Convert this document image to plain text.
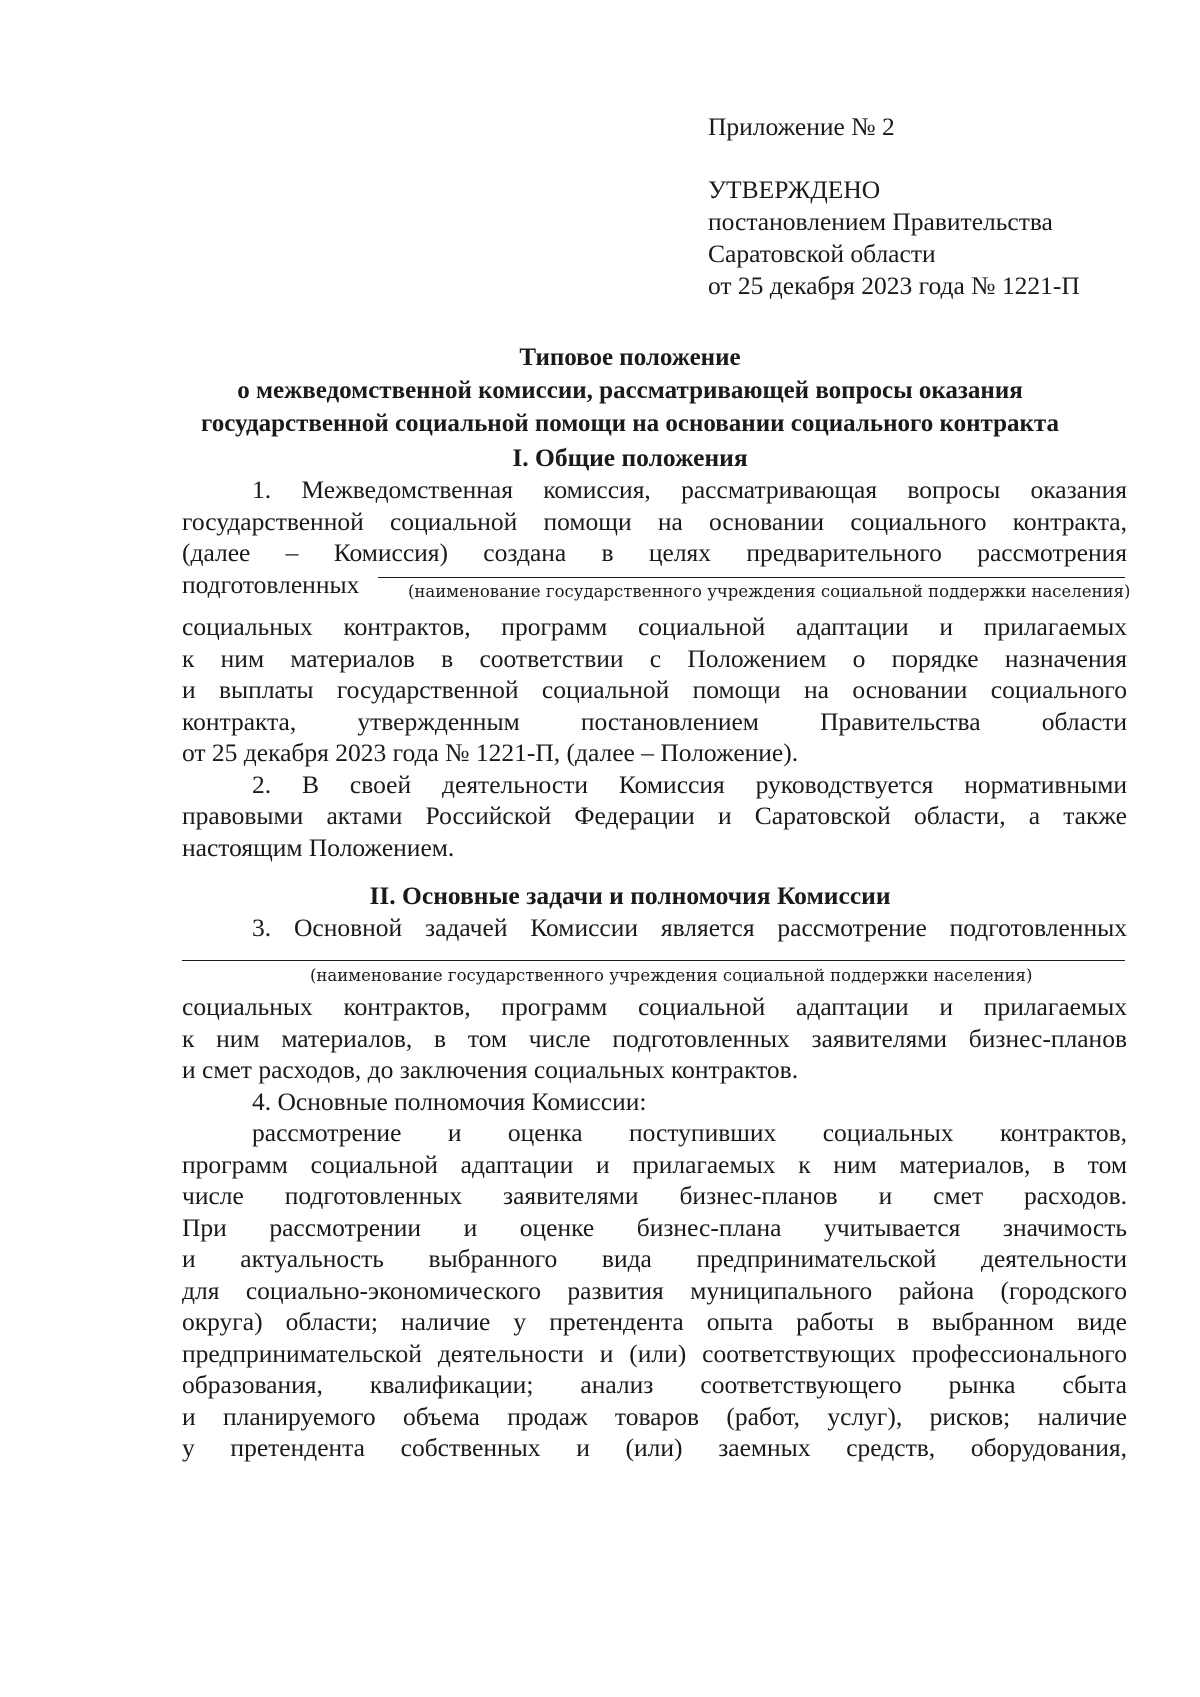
Приложение № 2
УТВЕРЖДЕНО
постановлением Правительства
Саратовской области
от 25 декабря 2023 года № 1221-П
Типовое положение
о межведомственной комиссии, рассматривающей вопросы оказания
государственной социальной помощи на основании социального контракта
I. Общие положения
1. Межведомственная комиссия, рассматривающая вопросы оказания
государственной социальной помощи на основании социального контракта,
(далее – Комиссия) создана в целях предварительного рассмотрения
подготовленных	(наименование государственного учреждения социальной поддержки населения)
социальных контрактов, программ социальной адаптации и прилагаемых
к ним материалов в соответствии с Положением о порядке назначения
и выплаты государственной социальной помощи на основании социального
контракта, утвержденным постановлением Правительства области
от 25 декабря 2023 года № 1221-П, (далее – Положение).
2. В своей деятельности Комиссия руководствуется нормативными
правовыми актами Российской Федерации и Саратовской области, а также
настоящим Положением.
II. Основные задачи и полномочия Комиссии
3. Основной задачей Комиссии является рассмотрение подготовленных
(наименование государственного учреждения социальной поддержки населения)
социальных контрактов, программ социальной адаптации и прилагаемых
к ним материалов, в том числе подготовленных заявителями бизнес-планов
и смет расходов, до заключения социальных контрактов.
4. Основные полномочия Комиссии:
рассмотрение и оценка поступивших социальных контрактов,
программ социальной адаптации и прилагаемых к ним материалов, в том
числе подготовленных заявителями бизнес-планов и смет расходов.
При рассмотрении и оценке бизнес-плана учитывается значимость
и актуальность выбранного вида предпринимательской деятельности
для социально-экономического развития муниципального района (городского
округа) области; наличие у претендента опыта работы в выбранном виде
предпринимательской деятельности и (или) соответствующих профессионального
образования, квалификации; анализ соответствующего рынка сбыта
и планируемого объема продаж товаров (работ, услуг), рисков; наличие
у претендента собственных и (или) заемных средств, оборудования,
